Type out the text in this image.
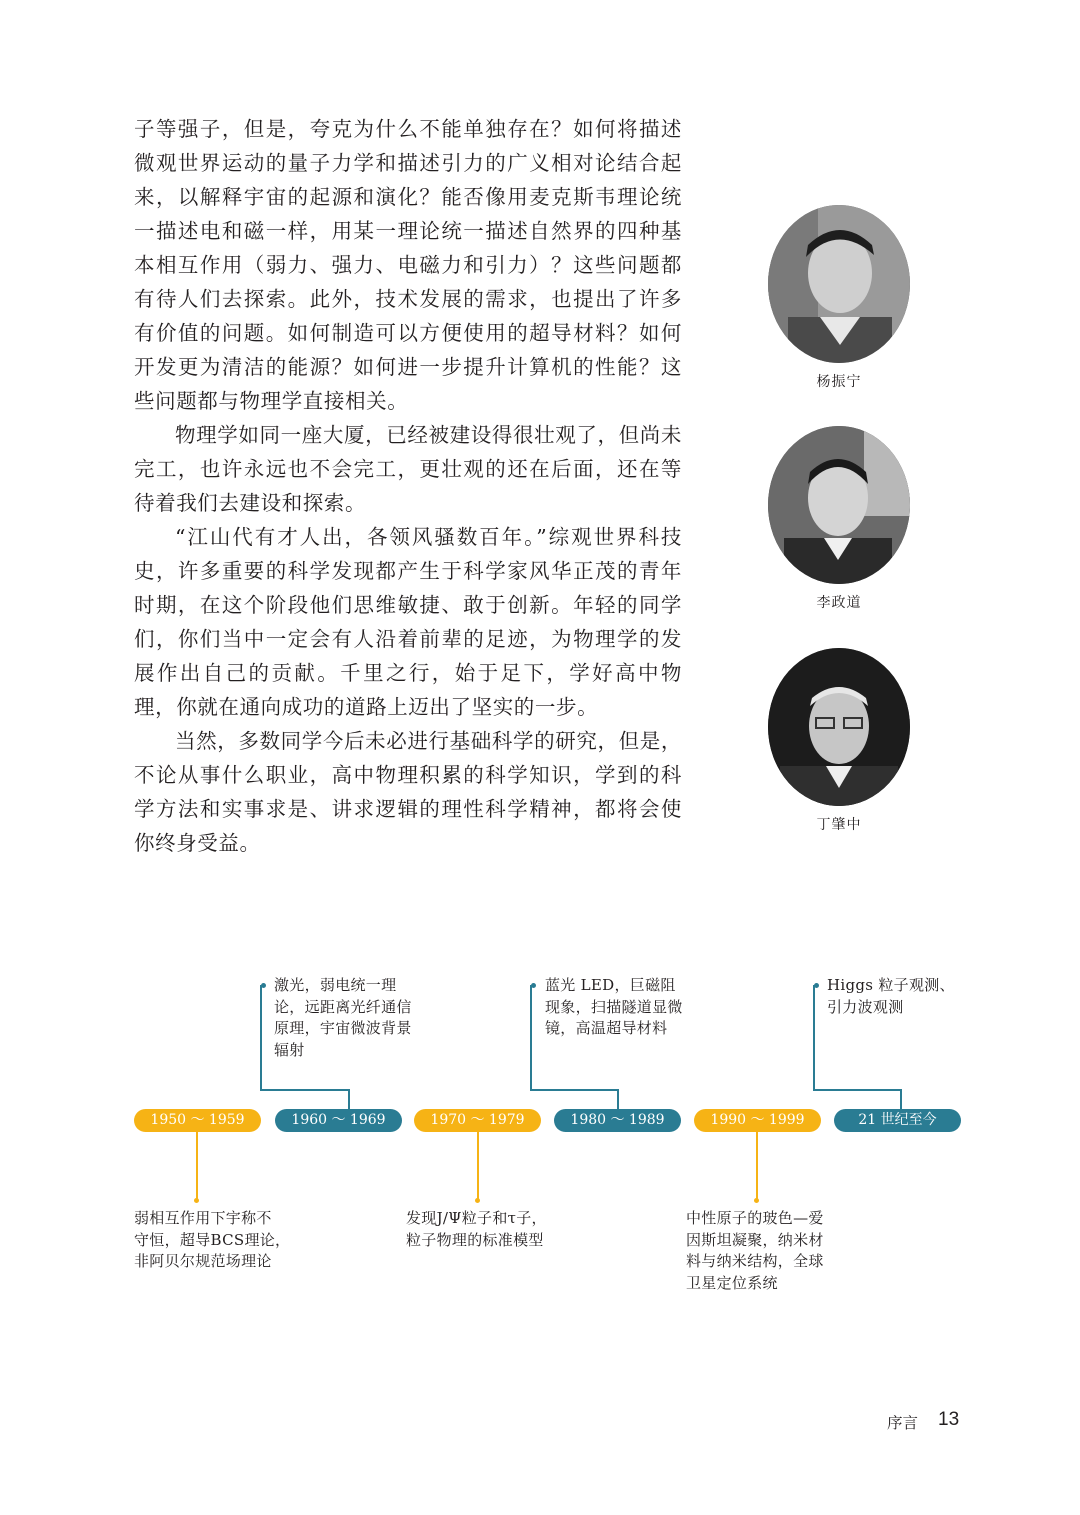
子等强子，但是，夸克为什么不能单独存在？如何将描述微观世界运动的量子力学和描述引力的广义相对论结合起来，以解释宇宙的起源和演化？能否像用麦克斯韦理论统一描述电和磁一样，用某一理论统一描述自然界的四种基本相互作用（弱力、强力、电磁力和引力）？这些问题都有待人们去探索。此外，技术发展的需求，也提出了许多有价值的问题。如何制造可以方便使用的超导材料？如何开发更为清洁的能源？如何进一步提升计算机的性能？这些问题都与物理学直接相关。

物理学如同一座大厦，已经被建设得很壮观了，但尚未完工，也许永远也不会完工，更壮观的还在后面，还在等待着我们去建设和探索。

“江山代有才人出，各领风骚数百年。”综观世界科技史，许多重要的科学发现都产生于科学家风华正茂的青年时期，在这个阶段他们思维敏捷、敢于创新。年轻的同学们，你们当中一定会有人沿着前辈的足迹，为物理学的发展作出自己的贡献。千里之行，始于足下，学好高中物理，你就在通向成功的道路上迈出了坚实的一步。

当然，多数同学今后未必进行基础科学的研究，但是，不论从事什么职业，高中物理积累的科学知识，学到的科学方法和实事求是、讲求逻辑的理性科学精神，都将会使你终身受益。

杨振宁
李政道
丁肇中
1950 ～ 1959	1960 ～ 1969	1970 ～ 1979	1980 ～ 1989	1990 ～ 1999	21 世纪至今
激光，弱电统一理
论，远距离光纤通信
原理，宇宙微波背景
辐射
蓝光 LED，巨磁阻
现象，扫描隧道显微
镜，高温超导材料
Higgs 粒子观测、
引力波观测
弱相互作用下宇称不
守恒，超导BCS理论，
非阿贝尔规范场理论
发现J/Ψ粒子和τ子，
粒子物理的标准模型
中性原子的玻色—爱
因斯坦凝聚，纳米材
料与纳米结构，全球
卫星定位系统
序言 13
